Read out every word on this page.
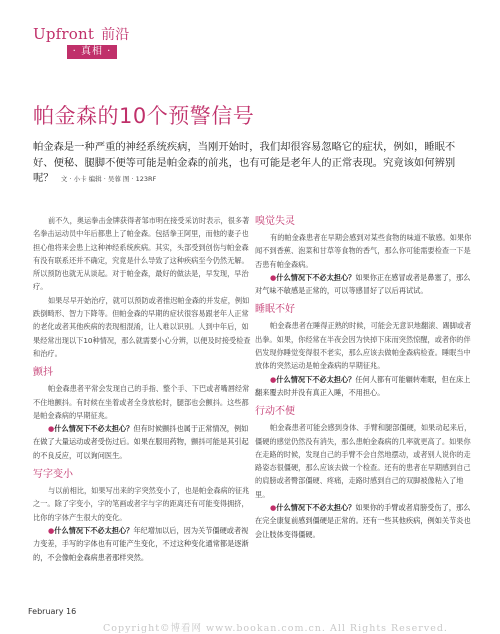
Upfront 前沿
· 真相 ·
帕金森的10个预警信号
帕金森是一种严重的神经系统疾病，当刚开始时，我们却很容易忽略它的症状，例如，睡眠不好、便秘、腿脚不便等可能是帕金森的前兆，也有可能是老年人的正常表现。究竟该如何辨别呢？ 文 · 小卡 编辑 · 吴蓉 图 · 123RF

前不久，奥运拳击金牌获得者邹市明在接受采访时表示，很多著名拳击运动员中年后都患上了帕金森。包括拳王阿里，而他的妻子也担心他将来会患上这种神经系统疾病。其实，头部受到创伤与帕金森有没有联系还并不确定，究竟是什么导致了这种疾病至今仍然无解。所以预防也就无从谈起。对于帕金森，最好的做法是，早发现，早治疗。

如果尽早开始治疗，就可以预防或者推迟帕金森的并发症，例如跌倒畸形、智力下降等。但帕金森的早期的症状很容易跟老年人正常的老化或者其他疾病的表现相混淆，让人难以识别。人到中年后，如果经常出现以下10种情况，那么就需要小心分辨，以便及时接受检查和治疗。

颤抖

帕金森患者平常会发现自己的手指、整个手、下巴或者嘴唇经常不住地颤抖。有时候在坐着或者全身放松时，腿部也会颤抖。这些都是帕金森病的早期征兆。

●什么情况下不必太担心？但有时候颤抖也属于正常情况，例如在做了大量运动或者受伤过后。如果在服用药物，颤抖可能是其引起的不良反应，可以询问医生。

写字变小

与以前相比，如果写出来的字突然变小了，也是帕金森病的征兆之一。除了字变小，字的笔画或者字与字的距离还有可能变得拥挤，比你的字体产生很大的变化。

●什么情况下不必太担心？年纪增加以后，因为关节僵硬或者视力变差，手写的字体也有可能产生变化，不过这种变化通常都是逐渐的，不会像帕金森病患者那样突然。

嗅觉失灵

有的帕金森患者在早期会感到对某些食物的味道不敏感。如果你闻不到香蕉、泡菜和甘草等食物的香气，那么你可能需要检查一下是否患有帕金森病。

●什么情况下不必太担心？如果你正在感冒或者是鼻塞了，那么对气味不敏感是正常的，可以等感冒好了以后再试试。

睡眠不好

帕金森患者在睡得正熟的时候，可能会无意识地翻滚、踢脚或者出拳。如果，你经常在半夜会因为快掉下床而突然惊醒，或者你的伴侣发现你睡觉变得很不老实，那么应该去做帕金森病检查。睡眠当中放体的突然运动是帕金森病的早期征兆。

●什么情况下不必太担心？任何人都有可能辗转难眠，但在床上翻来覆去时并没有真正入睡，不用担心。

行动不便

帕金森患者可能会感到身体、手臂和腿部僵硬，如果动起来后，僵硬的感觉仍然没有消失，那么患帕金森病的几率就更高了。如果你在走路的时候，发现自己的手臂不会自然地摆动，或者别人说你的走路姿态很僵硬，那么应该去做一个检查。还有的患者在早期感到自己的肩膀或者臀部僵硬、疼痛，走路时感到自己的双脚被像粘入了地里。

●什么情况下不必太担心？如果你的手臂或者肩膀受伤了，那么在完全康复前感到僵硬是正常的。还有一些其他疾病，例如关节炎也会让肢体变得僵硬。

February 16
Copyright©博看网 www.bookan.com.cn. All Rights Reserved.
